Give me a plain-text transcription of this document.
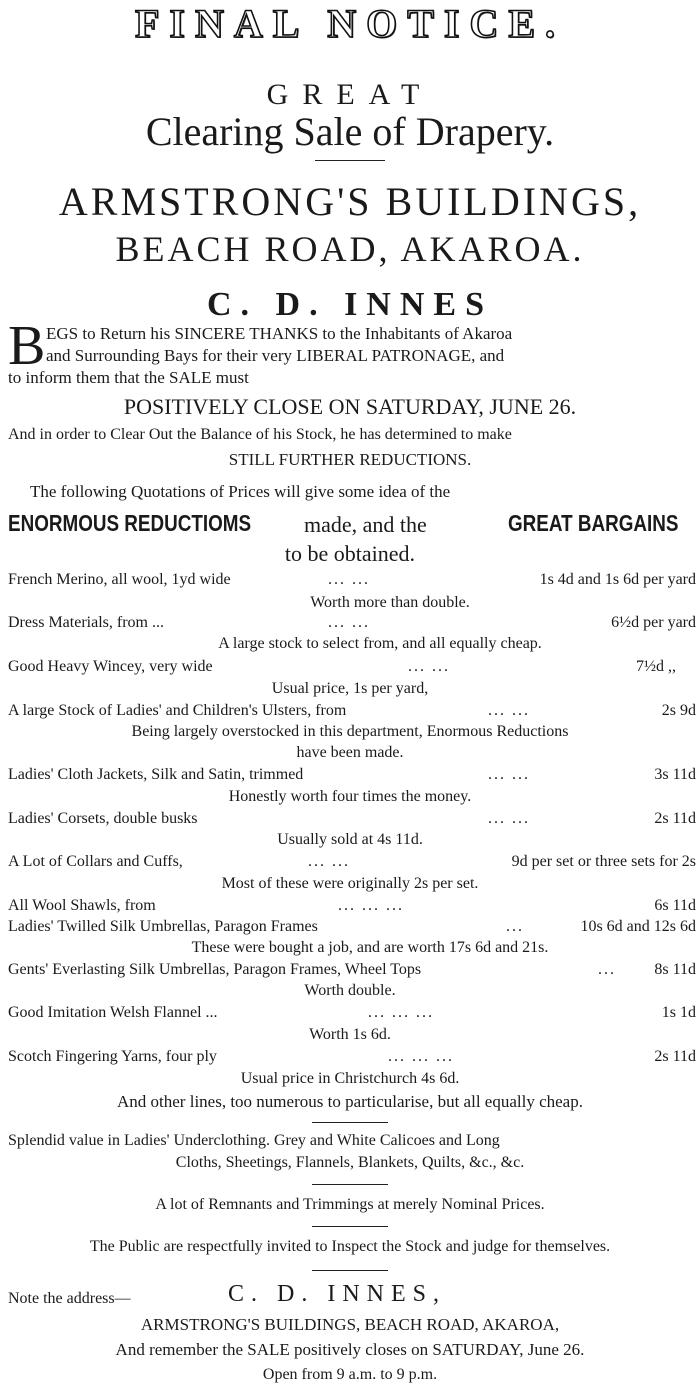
FINAL NOTICE.
GREAT
Clearing Sale of Drapery.
ARMSTRONG'S BUILDINGS,
BEACH ROAD, AKAROA.
C. D. INNES
B EGS to Return his SINCERE THANKS to the Inhabitants of Akaroa
and Surrounding Bays for their very LIBERAL PATRONAGE, and
to inform them that the SALE must
POSITIVELY CLOSE ON SATURDAY, JUNE 26.
And in order to Clear Out the Balance of his Stock, he has determined to make
STILL FURTHER REDUCTIONS.
The following Quotations of Prices will give some idea of the
ENORMOUS REDUCTIOMS made, and the	GREAT BARGAINS
to be obtained.
French Merino, all wool, 1yd wide	... ...	1s 4d and 1s 6d per yard
Worth more than double.
Dress Materials, from ...	... ...	6½d per yard
A large stock to select from, and all equally cheap.
Good Heavy Wincey, very wide	... ...	7½d ,,
Usual price, 1s per yard,
A large Stock of Ladies' and Children's Ulsters, from	... ...	2s 9d
Being largely overstocked in this department, Enormous Reductions
have been made.
Ladies' Cloth Jackets, Silk and Satin, trimmed	... ...	3s 11d
Honestly worth four times the money.
Ladies' Corsets, double busks	... ...	2s 11d
Usually sold at 4s 11d.
A Lot of Collars and Cuffs,	... ...	9d per set or three sets for 2s
Most of these were originally 2s per set.
All Wool Shawls, from	... ... ...	6s 11d
Ladies' Twilled Silk Umbrellas, Paragon Frames	...	10s 6d and 12s 6d
These were bought a job, and are worth 17s 6d and 21s.
Gents' Everlasting Silk Umbrellas, Paragon Frames, Wheel Tops	... 8s 11d
Worth double.
Good Imitation Welsh Flannel ...	... ... ...	1s 1d
Worth 1s 6d.
Scotch Fingering Yarns, four ply	... ... ...	2s 11d
Usual price in Christchurch 4s 6d.
And other lines, too numerous to particularise, but all equally cheap.
Splendid value in Ladies' Underclothing. Grey and White Calicoes and Long
Cloths, Sheetings, Flannels, Blankets, Quilts, &c., &c.
A lot of Remnants and Trimmings at merely Nominal Prices.
The Public are respectfully invited to Inspect the Stock and judge for themselves.
Note the address—	C. D. INNES,
ARMSTRONG'S BUILDINGS, BEACH ROAD, AKAROA,
And remember the SALE positively closes on SATURDAY, June 26.
Open from 9 a.m. to 9 p.m.
